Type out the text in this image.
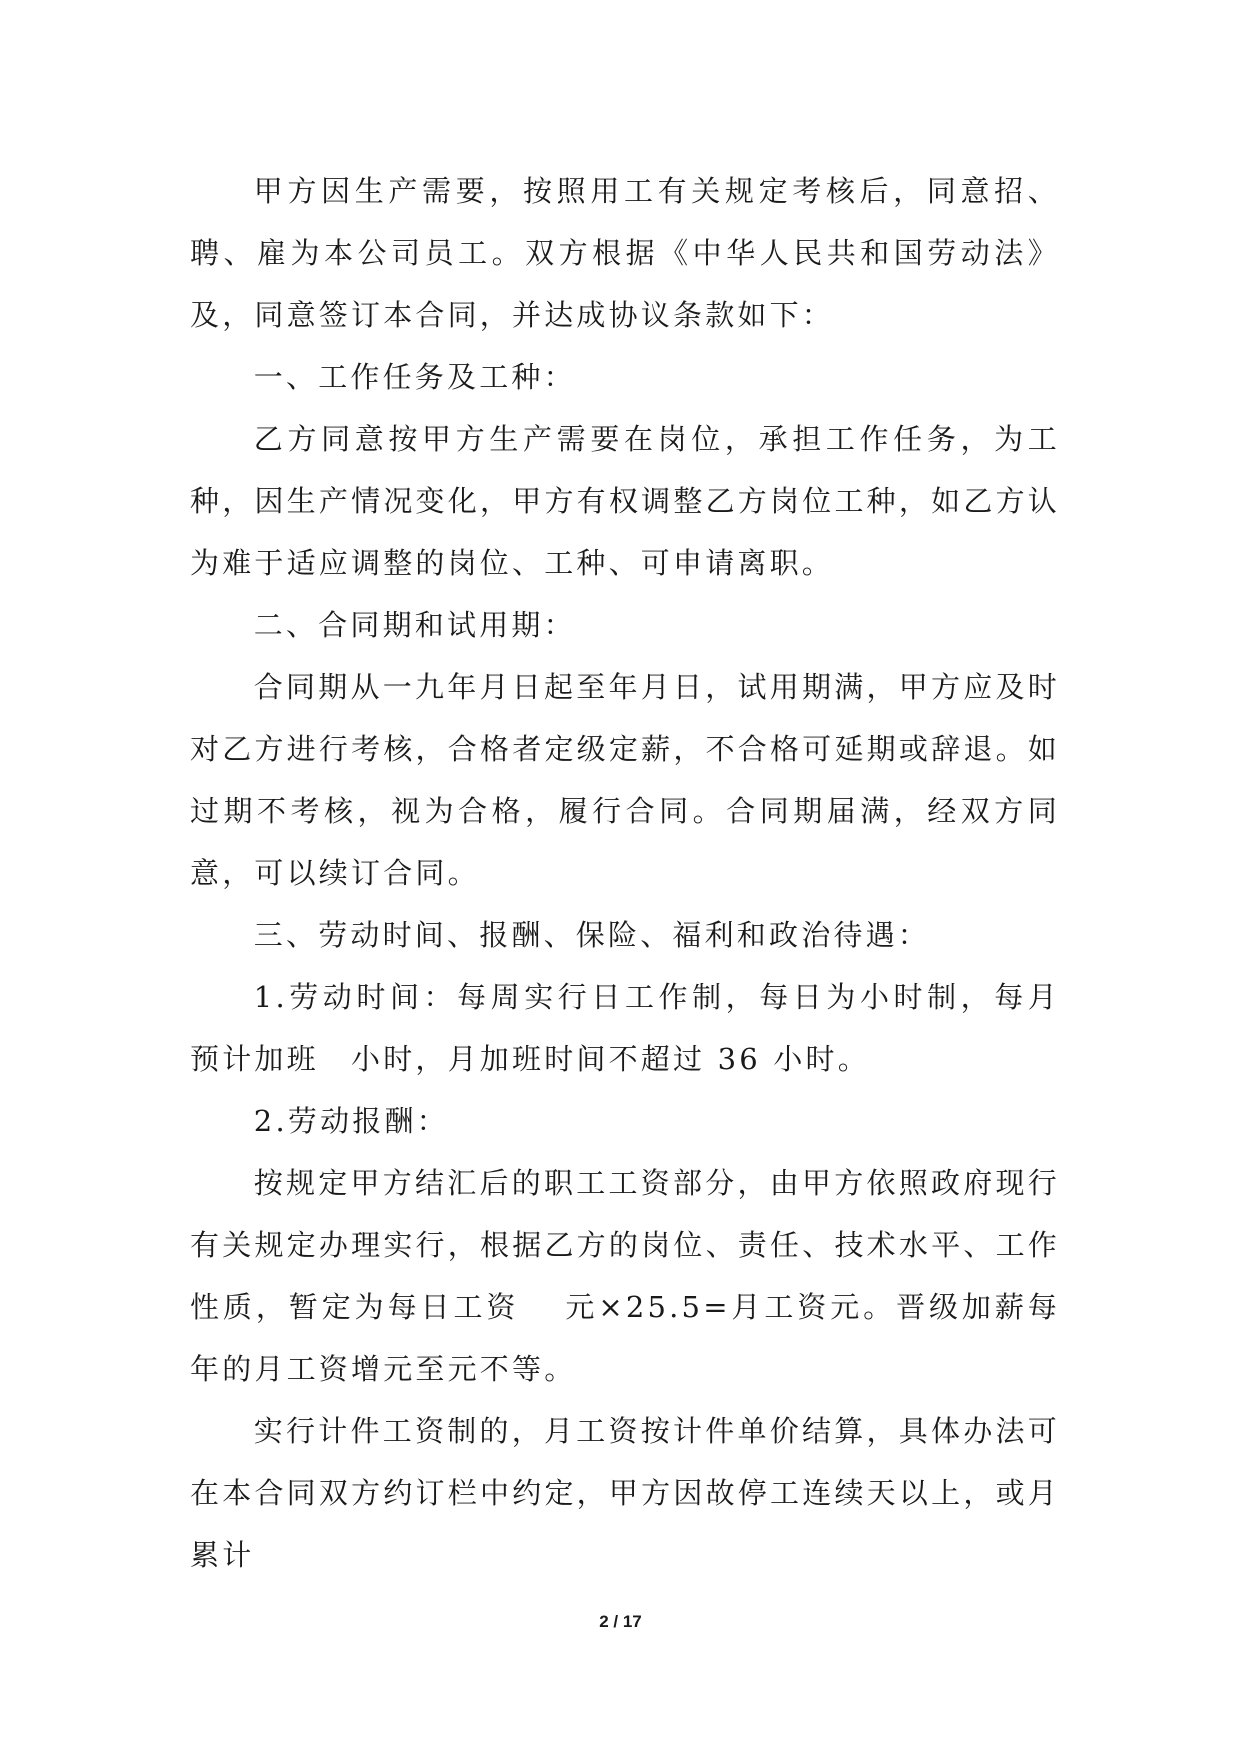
甲方因生产需要，按照用工有关规定考核后，同意招、聘、雇为本公司员工。双方根据《中华人民共和国劳动法》及，同意签订本合同，并达成协议条款如下：

一、工作任务及工种：

乙方同意按甲方生产需要在岗位，承担工作任务，为工种，因生产情况变化，甲方有权调整乙方岗位工种，如乙方认为难于适应调整的岗位、工种、可申请离职。

二、合同期和试用期：

合同期从一九年月日起至年月日，试用期满，甲方应及时对乙方进行考核，合格者定级定薪，不合格可延期或辞退。如过期不考核，视为合格，履行合同。合同期届满，经双方同意，可以续订合同。

三、劳动时间、报酬、保险、福利和政治待遇：

1.劳动时间：每周实行日工作制，每日为小时制，每月预计加班　小时，月加班时间不超过 36 小时。

2.劳动报酬：

按规定甲方结汇后的职工工资部分，由甲方依照政府现行有关规定办理实行，根据乙方的岗位、责任、技术水平、工作性质，暂定为每日工资　 元×25.5=月工资元。晋级加薪每年的月工资增元至元不等。

实行计件工资制的，月工资按计件单价结算，具体办法可在本合同双方约订栏中约定，甲方因故停工连续天以上，或月累计

2 / 17
